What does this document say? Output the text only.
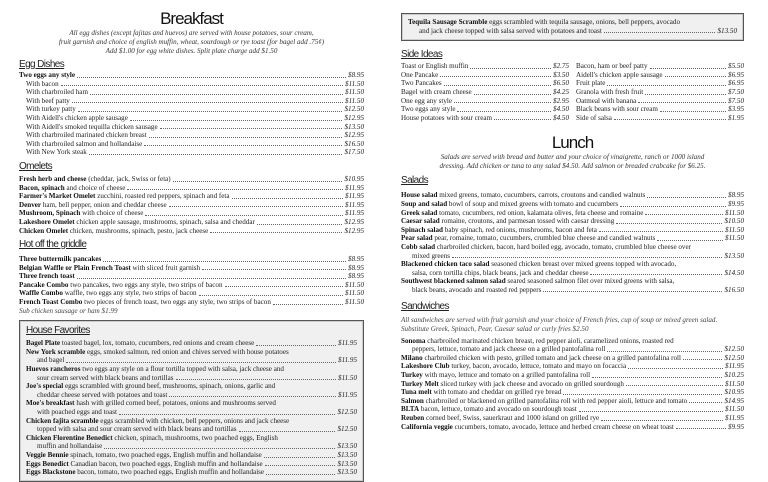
Breakfast
All egg dishes (except fajitas and huevos) are served with house potatoes, sour cream,
fruit garnish and choice of english muffin, wheat, sourdough or rye toast (for bagel add .75¢)
Add $1.00 for egg white dishes. Split plate charge add $1.50
Egg Dishes
Two eggs any style	$8.95
With bacon	$11.50
With charbroiled ham	$11.50
With beef patty	$11.50
With turkey patty	$12.50
With Aidell's chicken apple sausage	$12.95
With Aidell's smoked tequilla chicken sausage	$13.50
With charbroiled marinated chicken breast	$12.95
With charbroiled salmon and hollandaise	$16.50
With New York steak	$17.50
Omelets
Fresh herb and cheese (cheddar, jack, Swiss or feta)	$10.95
Bacon, spinach and choice of cheese	$11.95
Farmer's Market Omelet zucchini, roasted red peppers, spinach and feta	$11.95
Denver ham, bell pepper, onion and cheddar cheese	$11.95
Mushroom, Spinach with choice of cheese	$11.95
Lakeshore Omelet chicken apple sausage, mushrooms, spinach, salsa and cheddar	$12.95
Chicken Omelet chicken, mushrooms, spinach, pesto, jack cheese	$12.95
Hot off the griddle
Three buttermilk pancakes	$8.95
Belgian Waffle or Plain French Toast with sliced fruit garnish	$8.95
Three french toast	$8.95
Pancake Combo two pancakes, two eggs any style, two strips of bacon	$11.50
Waffle Combo waffle, two eggs any style, two strips of bacon	$11.50
French Toast Combo two pieces of french toast, two eggs any style, two strips of bacon	$11.50
Sub chicken sausage or ham $1.99
House Favorites
Bagel Plate toasted bagel, lox, tomato, cucumbers, red onions and cream cheese	$11.95
New York scramble eggs, smoked salmon, red onion and chives served with house potatoes
and bagel	$11.95
Huevos rancheros two eggs any style on a flour tortilla topped with salsa, jack cheese and
sour cream served with black beans and tortillas	$11.50
Joe's special eggs scrambled with ground beef, mushrooms, spinach, onions, garlic and
cheddar cheese served with potatoes and toast	$11.95
Moe's breakfast hash with grilled corned beef, potatoes, onions and mushrooms served
with poached eggs and toast	$12.50
Chicken fajita scramble eggs scrambled with chicken, bell peppers, onions and jack cheese
topped with salsa and sour cream served with black beans and tortillas	$12.50
Chicken Florentine Benedict chicken, spinach, mushrooms, two poached eggs, English
muffin and hollandaise	$13.50
Veggie Bennie spinach, tomato, two poached eggs, English muffin and hollandaise	$13.50
Eggs Benedict Canadian bacon, two poached eggs, English muffin and hollandaise	$13.50
Eggs Blackstone bacon, tomato, two poached eggs, English muffin and hollandaise	$13.50
Tequila Sausage Scramble eggs scrambled with tequila sausage, onions, bell peppers, avocado
and jack cheese topped with salsa served with potatoes and toast	$13.50
Side Ideas
Toast or English muffin	$2.75
One Pancake	$3.50
Two Pancakes	$6.50
Bagel with cream cheese	$4.25
One egg any style	$2.95
Two eggs any style	$4.50
House potatoes with sour cream	$4.50
Bacon, ham or beef patty	$5.50
Aidell's chicken apple sausage	$6.95
Fruit plate	$6.95
Granola with fresh fruit	$7.50
Oatmeal with banana	$7.50
Black beans with sour cream	$3.95
Side of salsa	$1.95
Lunch
Salads are served with bread and butter and your choice of vinaigrette, ranch or 1000 island
dressing. Add chicken or tuna to any salad $4.50. Add salmon or breaded crabcake for $6.25.
Salads
House salad mixed greens, tomato, cucumbers, carrots, croutons and candied walnuts	$8.95
Soup and salad bowl of soup and mixed greens with tomato and cucumbers	$9.95
Greek salad tomato, cucumbers, red onion, kalamata olives, feta cheese and romaine	$11.50
Caesar salad romaine, croutons, and parmesan tossed with caesar dressing	$10.50
Spinach salad baby spinach, red onions, mushrooms, bacon and feta	$11.50
Pear salad pear, romaine, tomato, cucumbers, crumbled blue cheese and candied walnuts	$11.50
Cobb salad charbroiled chicken, bacon, hard boiled egg, avocado, tomato, crumbled blue cheese over
mixed greens	$13.50
Blackened chicken taco salad seasoned chicken breast over mixed greens topped with avocado,
salsa, corn tortilla chips, black beans, jack and cheddar cheese	$14.50
Southwest blackened salmon salad seared seasoned salmon filet over mixed greens with salsa,
black beans, avocado and roasted red peppers	$16.50
Sandwiches
All sandwiches are served with fruit garnish and your choice of French fries, cup of soup or mixed green salad.
Substitute Greek, Spinach, Pear, Caesar salad or curly fries $2.50
Sonoma charbroiled marinated chicken breast, red pepper aioli, caramelized onions, roasted red
peppers, lettuce, tomato and jack cheese on a grilled pantofalina roll	$12.50
Milano charbroiled chicken with pesto, grilled tomato and jack cheese on a grilled pantofalina roll	$12.50
Lakeshore Club turkey, bacon, avocado, lettuce, tomato and mayo on focaccia	$11.95
Turkey with mayo, lettuce and tomato on a grilled pantofalina roll	$10.25
Turkey Melt sliced turkey with jack cheese and avocado on grilled sourdough	$11.50
Tuna melt with tomato and cheddar on grilled rye bread	$10.95
Salmon charbroiled or blackened on grilled pantofalina roll with red pepper aioli, lettuce and tomato	$14.95
BLTA bacon, lettuce, tomato and avocado on sourdough toast	$11.50
Reuben corned beef, Swiss, sauerkraut and 1000 island on grilled rye	$11.95
California veggie cucumbers, tomato, avocado, lettuce and herbed cream cheese on wheat toast	$9.95
